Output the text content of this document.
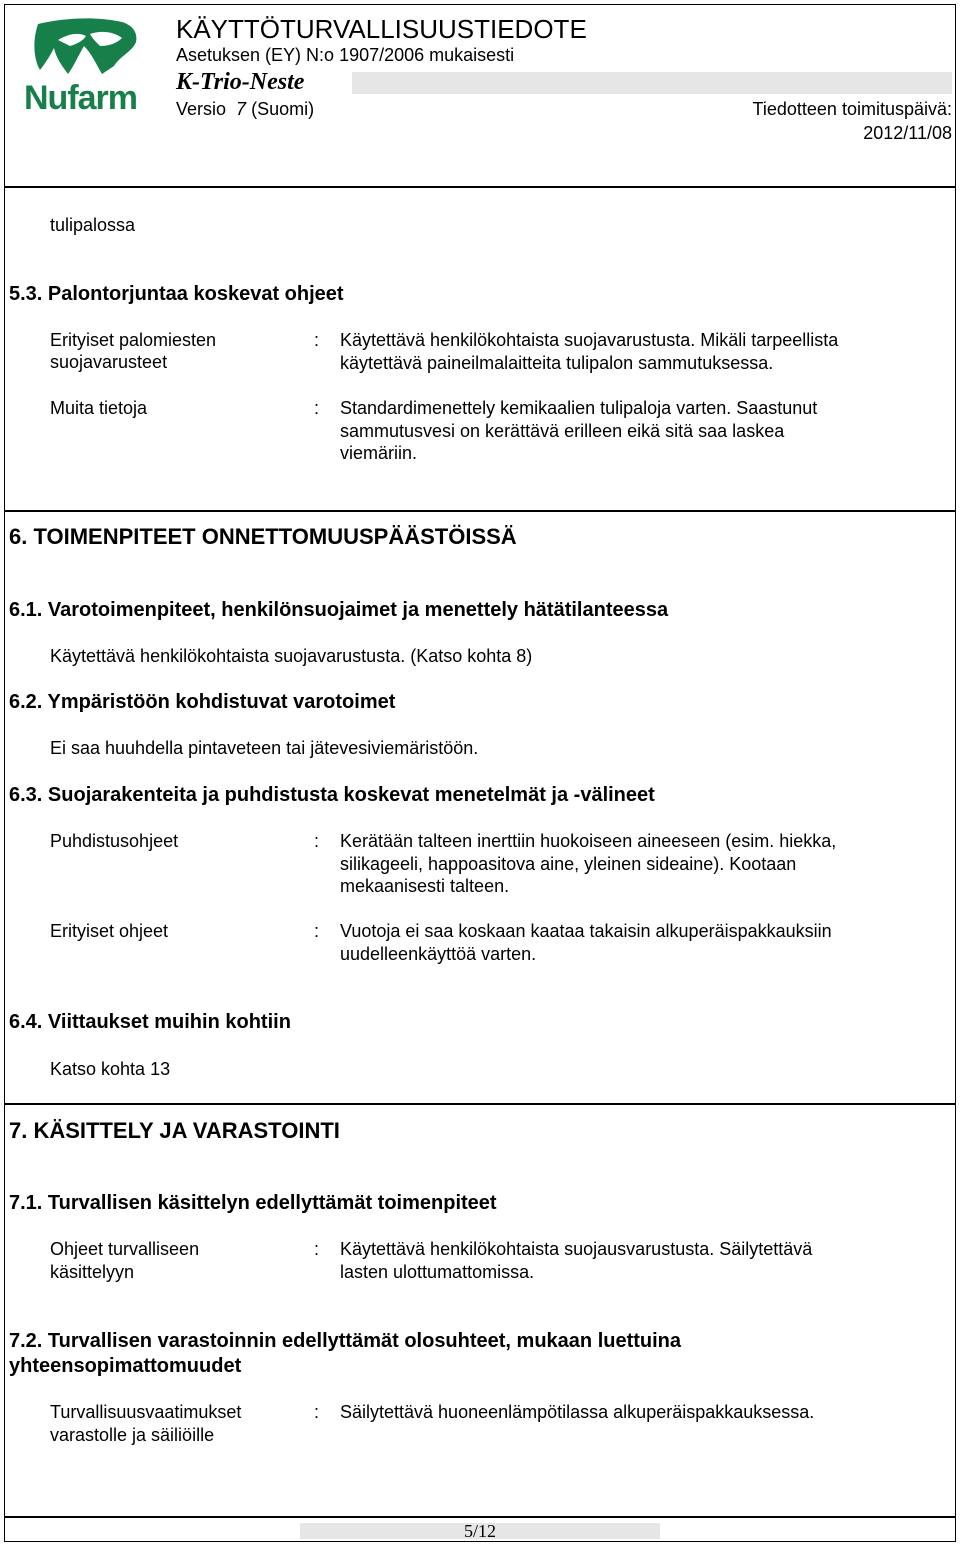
Nufarm
KÄYTTÖTURVALLISUUSTIEDOTE
Asetuksen (EY) N:o 1907/2006 mukaisesti
K-Trio-Neste
Versio 7 (Suomi)	Tiedotteen toimituspäivä:
2012/11/08
tulipalossa
5.3. Palontorjuntaa koskevat ohjeet
Erityiset palomiesten
suojavarusteet
: Käytettävä henkilökohtaista suojavarustusta. Mikäli tarpeellista
käytettävä paineilmalaitteita tulipalon sammutuksessa.
Muita tietoja	: Standardimenettely kemikaalien tulipaloja varten. Saastunut
sammutusvesi on kerättävä erilleen eikä sitä saa laskea
viemäriin.
6. TOIMENPITEET ONNETTOMUUSPÄÄSTÖISSÄ
6.1. Varotoimenpiteet, henkilönsuojaimet ja menettely hätätilanteessa
Käytettävä henkilökohtaista suojavarustusta. (Katso kohta 8)
6.2. Ympäristöön kohdistuvat varotoimet
Ei saa huuhdella pintaveteen tai jätevesiviemäristöön.
6.3. Suojarakenteita ja puhdistusta koskevat menetelmät ja -välineet
Puhdistusohjeet	: Kerätään talteen inerttiin huokoiseen aineeseen (esim. hiekka,
silikageeli, happoasitova aine, yleinen sideaine). Kootaan
mekaanisesti talteen.
Erityiset ohjeet	: Vuotoja ei saa koskaan kaataa takaisin alkuperäispakkauksiin
uudelleenkäyttöä varten.
6.4. Viittaukset muihin kohtiin
Katso kohta 13
7. KÄSITTELY JA VARASTOINTI
7.1. Turvallisen käsittelyn edellyttämät toimenpiteet
Ohjeet turvalliseen
käsittelyyn
: Käytettävä henkilökohtaista suojausvarustusta. Säilytettävä
lasten ulottumattomissa.
7.2. Turvallisen varastoinnin edellyttämät olosuhteet, mukaan luettuina
yhteensopimattomuudet
Turvallisuusvaatimukset
varastolle ja säiliöille
: Säilytettävä huoneenlämpötilassa alkuperäispakkauksessa.
5/12
